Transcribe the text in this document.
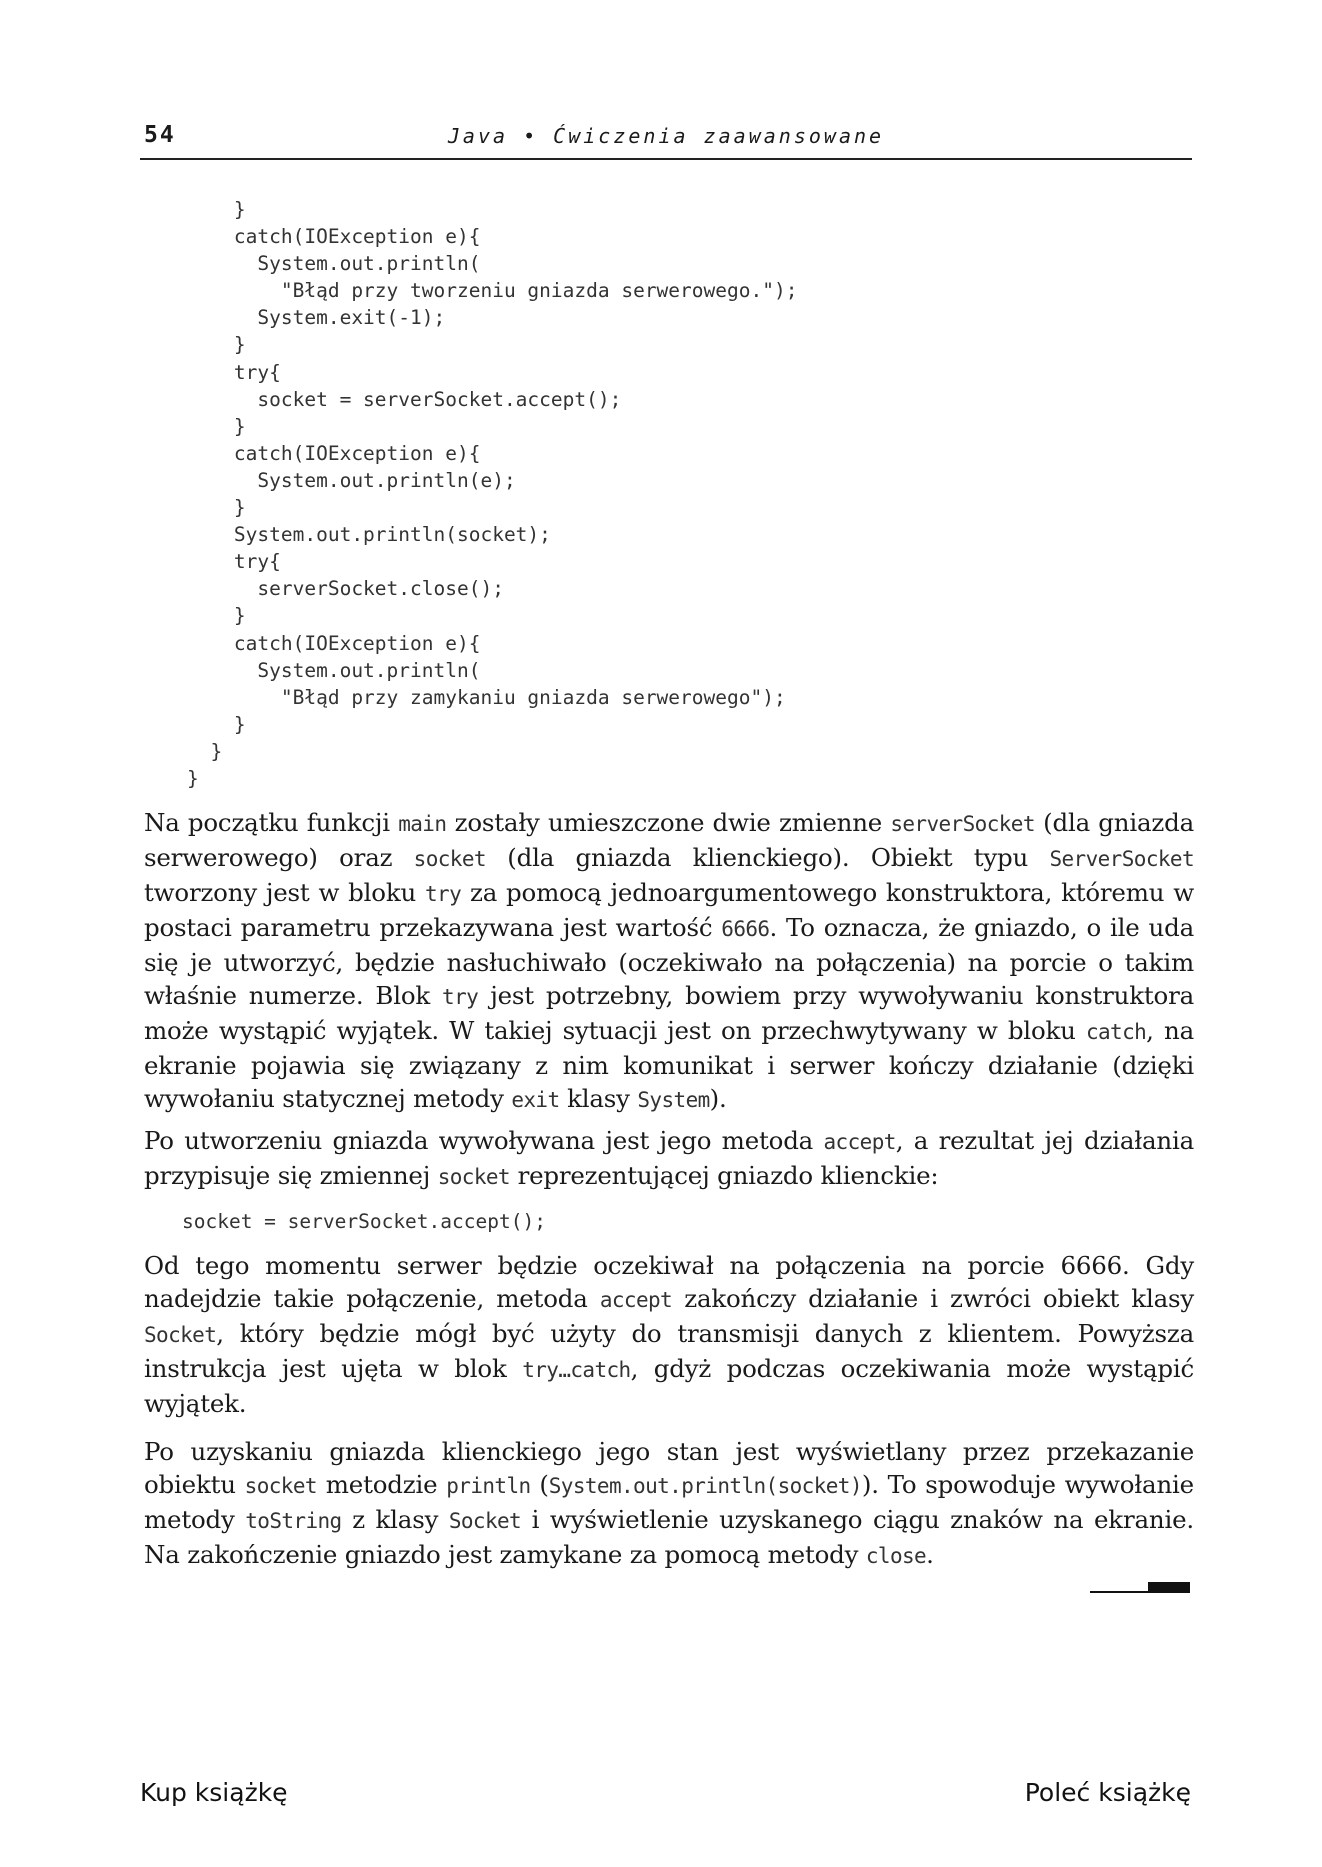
54	Java • Ćwiczenia zaawansowane
}
catch(IOException e){
System.out.println(
"Błąd przy tworzeniu gniazda serwerowego.");
System.exit(-1);
}
try{
socket = serverSocket.accept();
}
catch(IOException e){
System.out.println(e);
}
System.out.println(socket);
try{
serverSocket.close();
}
catch(IOException e){
System.out.println(
"Błąd przy zamykaniu gniazda serwerowego");
}
}
}

Na początku funkcji main zostały umieszczone dwie zmienne serverSocket (dla gniazda serwerowego) oraz socket (dla gniazda klienckiego). Obiekt typu ServerSocket tworzony jest w bloku try za pomocą jednoargumentowego konstruktora, któremu w postaci parametru przekazywana jest wartość 6666. To oznacza, że gniazdo, o ile uda się je utworzyć, będzie nasłuchiwało (oczekiwało na połączenia) na porcie o takim właśnie numerze. Blok try jest potrzebny, bowiem przy wywoływaniu konstruktora może wystąpić wyjątek. W takiej sytuacji jest on przechwytywany w bloku catch, na ekranie pojawia się związany z nim komunikat i serwer kończy działanie (dzięki wywołaniu statycznej metody exit klasy System).

Po utworzeniu gniazda wywoływana jest jego metoda accept, a rezultat jej działania przypisuje się zmiennej socket reprezentującej gniazdo klienckie:

socket = serverSocket.accept();

Od tego momentu serwer będzie oczekiwał na połączenia na porcie 6666. Gdy nadejdzie takie połączenie, metoda accept zakończy działanie i zwróci obiekt klasy Socket, który będzie mógł być użyty do transmisji danych z klientem. Powyższa instrukcja jest ujęta w blok try…catch, gdyż podczas oczekiwania może wystąpić wyjątek.

Po uzyskaniu gniazda klienckiego jego stan jest wyświetlany przez przekazanie obiektu socket metodzie println (System.out.println(socket)). To spowoduje wywołanie metody toString z klasy Socket i wyświetlenie uzyskanego ciągu znaków na ekranie. Na zakończenie gniazdo jest zamykane za pomocą metody close.

Kup książkę	Poleć książkę
